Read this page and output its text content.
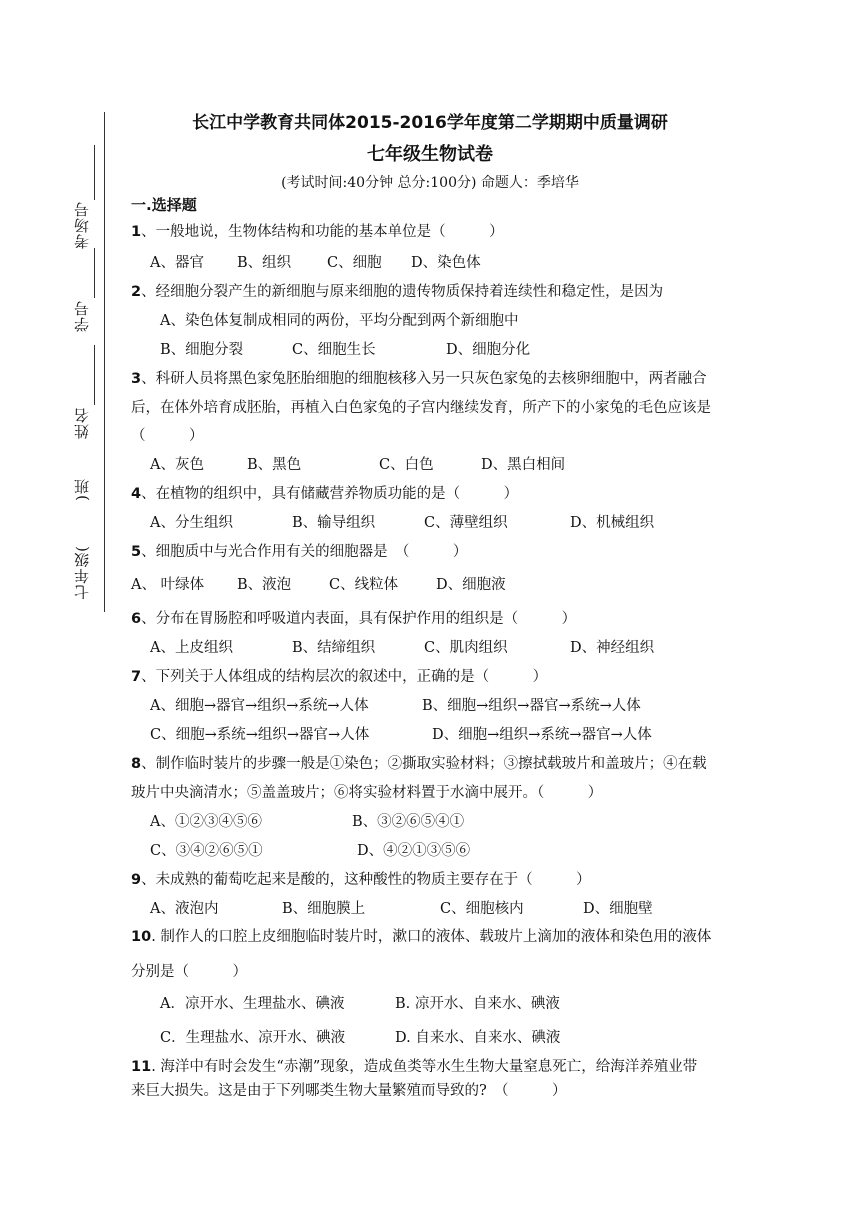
考场号
学号
姓名
)班
七年级(
长江中学教育共同体2015-2016学年度第二学期期中质量调研
七年级生物试卷
(考试时间:40分钟 总分:100分) 命题人：季培华
一.选择题
1、一般地说，生物体结构和功能的基本单位是（　　　）
A、器官 B、组织 C、细胞 D、染色体
2、经细胞分裂产生的新细胞与原来细胞的遗传物质保持着连续性和稳定性，是因为
A、染色体复制成相同的两份，平均分配到两个新细胞中
B、细胞分裂	C、细胞生长	D、细胞分化
3、科研人员将黑色家兔胚胎细胞的细胞核移入另一只灰色家兔的去核卵细胞中，两者融合
后，在体外培育成胚胎，再植入白色家兔的子宫内继续发育，所产下的小家兔的毛色应该是
（　　　）
A、灰色	B、黑色	C、白色	D、黑白相间
4、在植物的组织中，具有储藏营养物质功能的是（　　　）
A、分生组织	B、输导组织	C、薄壁组织	D、机械组织
5、细胞质中与光合作用有关的细胞器是　（　　　）
A、 叶绿体 B、液泡	C、线粒体	D、细胞液
6、分布在胃肠腔和呼吸道内表面，具有保护作用的组织是（　　　）
A、上皮组织	B、结缔组织	C、肌肉组织	D、神经组织
7、下列关于人体组成的结构层次的叙述中，正确的是（　　　）
A、细胞→器官→组织→系统→人体	B、细胞→组织→器官→系统→人体
C、细胞→系统→组织→器官→人体	D、细胞→组织→系统→器官→人体
8、制作临时装片的步骤一般是①染色；②撕取实验材料；③擦拭载玻片和盖玻片；④在载
玻片中央滴清水；⑤盖盖玻片；⑥将实验材料置于水滴中展开。（　　　）
A、①②③④⑤⑥	B、③②⑥⑤④①
C、③④②⑥⑤①	D、④②①③⑤⑥
9、未成熟的葡萄吃起来是酸的，这种酸性的物质主要存在于（　　　）
A、液泡内	B、细胞膜上	C、细胞核内	D、细胞壁
10. 制作人的口腔上皮细胞临时装片时，漱口的液体、载玻片上滴加的液体和染色用的液体
分别是（　　　）
A．凉开水、生理盐水、碘液	B. 凉开水、自来水、碘液
C．生理盐水、凉开水、碘液	D. 自来水、自来水、碘液
11. 海洋中有时会发生“赤潮”现象，造成鱼类等水生生物大量窒息死亡，给海洋养殖业带
来巨大损失。这是由于下列哪类生物大量繁殖而导致的?　（　　　）
